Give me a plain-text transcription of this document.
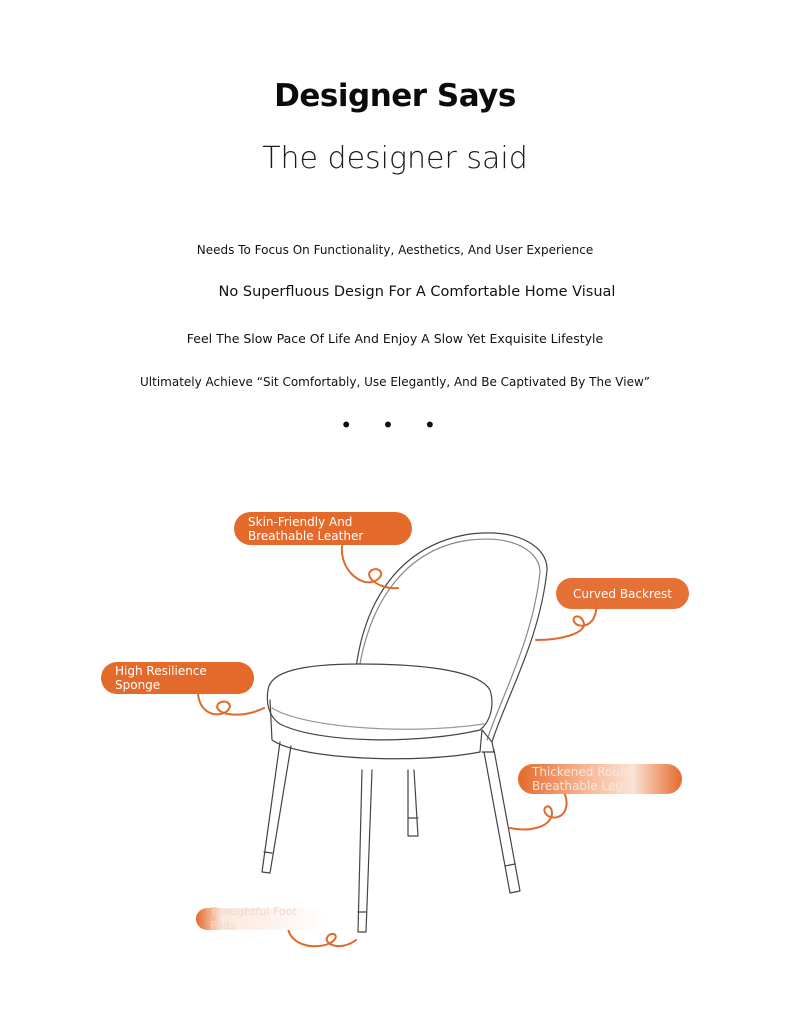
Designer Says
The designer said
Needs To Focus On Functionality, Aesthetics, And User Experience
No Superfluous Design For A Comfortable Home Visual
Feel The Slow Pace Of Life And Enjoy A Slow Yet Exquisite Lifestyle
Ultimately Achieve “Sit Comfortably, Use Elegantly, And Be Captivated By The View”
• • •
Skin-Friendly And Breathable Leather
High Resilience Sponge
Curved Backrest
Thickened Round Breathable Legs
Thoughtful Foot Pads
